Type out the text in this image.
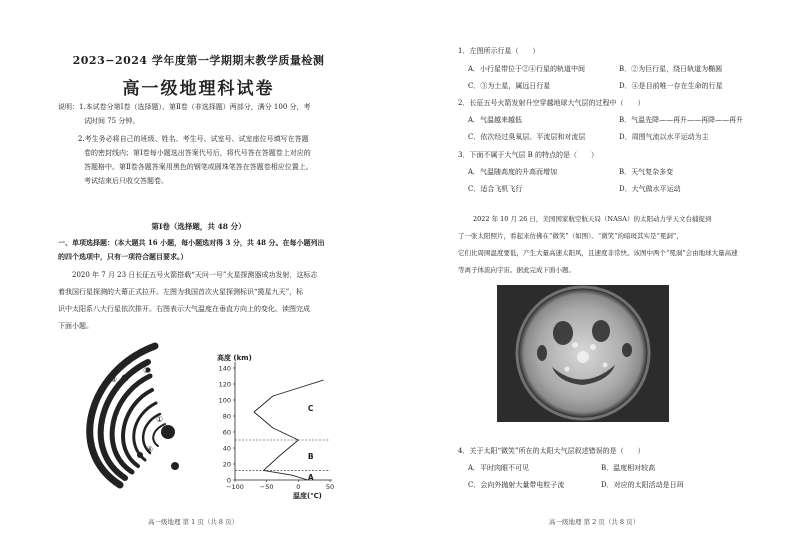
2023−2024 学年度第一学期期末教学质量检测
高一级地理科试卷
说明：1.本试卷分第Ⅰ卷（选择题）、第Ⅱ卷（非选择题）两部分，满分 100 分，考
试时间 75 分钟。
2.考生务必将自己的班级、姓名、考生号、试室号、试室座位号填写在答题
卷的密封线内；第Ⅰ卷每小题选出答案代号后，将代号答在答题卷上对应的
答题格中。第Ⅱ卷各题答案用黑色的钢笔或圆珠笔答在答题卷相应位置上。
考试结束后只收交答题卷。
第Ⅰ卷（选择题，共 48 分）
一、单项选择题：（本大题共 16 小题，每小题选对得 3 分，共 48 分。在每小题列出
的四个选项中，只有一项符合题目要求。）
2020 年 7 月 23 日长征五号火箭搭载“天问一号”火星探测器成功发射，这标志
着我国行星探测的大幕正式拉开。左图为我国首次火星探测标识“揽星九天”，标
识中太阳系八大行星依次排开。右图表示大气温度在垂直方向上的变化。读图完成
下面小题。
③
②
①
④
0
20
40
60
80
100
120
140
−100 −50	0	50
高度 (km)
温度(℃)
A
B
C
高一级地理 第 1 页（共 8 页）
1．左图所示行星（　　）
A．小行星带位于②④行星的轨道中间	B．②为巨行星，绕日轨道为椭圆
C．③为土星，属远日行星	D．④是目前唯一存在生命的行星
2．长征五号火箭发射升空穿越地球大气层的过程中（　　）
A．气温越来越低	B．气温先降——再升——再降——再升
C．依次经过臭氧层、平流层和对流层	D．周围气流以水平运动为主
3．下面不属于大气层 B 的特点的是（　　）
A．气温随高度的升高而增加	B．天气复杂多变
C．适合飞机飞行	D．大气做水平运动
2022 年 10 月 26 日，美国国家航空航天局（NASA）的太阳动力学天文台捕捉到
了一张太阳照片，看起来仿佛在“微笑”（如图）。“微笑”的暗斑其实是“冕洞”，
它们比周围温度要低，产生大量高速太阳风，且速度非常快。该图中两个“冕洞”会由地球大量高速
等离子体流向宇宙。据此完成下面小题。
4．关于太阳“微笑”所在的太阳大气层叙述错误的是（　　）
A．平时肉眼不可见	B．温度相对较高
C．会向外抛射大量带电粒子流	D．对应的太阳活动是日珥
高一级地理 第 2 页（共 8 页）
